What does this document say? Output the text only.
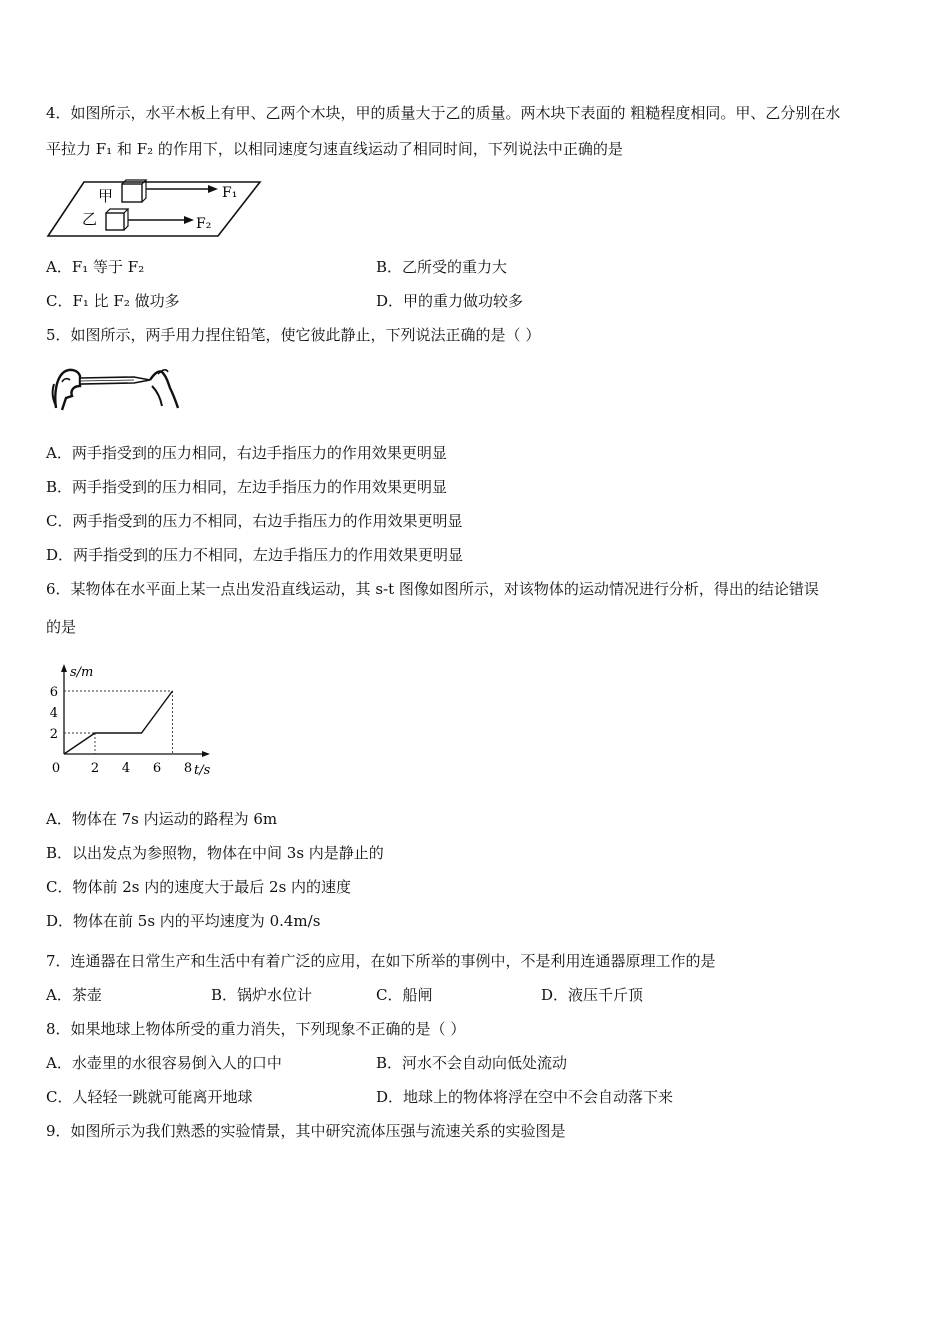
4．如图所示，水平木板上有甲、乙两个木块，甲的质量大于乙的质量。两木块下表面的 粗糙程度相同。甲、乙分别在水
平拉力 F₁ 和 F₂ 的作用下，以相同速度匀速直线运动了相同时间，下列说法中正确的是
甲	F₁
乙	F₂
A．F₁ 等于 F₂	B．乙所受的重力大
C．F₁ 比 F₂ 做功多	D．甲的重力做功较多
5．如图所示，两手用力捏住铅笔，使它彼此静止，下列说法正确的是（ ）
A．两手指受到的压力相同，右边手指压力的作用效果更明显
B．两手指受到的压力相同，左边手指压力的作用效果更明显
C．两手指受到的压力不相同，右边手指压力的作用效果更明显
D．两手指受到的压力不相同，左边手指压力的作用效果更明显
6．某物体在水平面上某一点出发沿直线运动，其 s-t 图像如图所示，对该物体的运动情况进行分析，得出的结论错误
的是
s/m
t/s
0 2 4 6 8
2
4
6
A．物体在 7s 内运动的路程为 6m
B．以出发点为参照物，物体在中间 3s 内是静止的
C．物体前 2s 内的速度大于最后 2s 内的速度
D．物体在前 5s 内的平均速度为 0.4m/s
7．连通器在日常生产和生活中有着广泛的应用，在如下所举的事例中，不是利用连通器原理工作的是
A．茶壶	B．锅炉水位计	C．船闸	D．液压千斤顶
8．如果地球上物体所受的重力消失，下列现象不正确的是（ ）
A．水壶里的水很容易倒入人的口中	B．河水不会自动向低处流动
C．人轻轻一跳就可能离开地球	D．地球上的物体将浮在空中不会自动落下来
9．如图所示为我们熟悉的实验情景，其中研究流体压强与流速关系的实验图是
